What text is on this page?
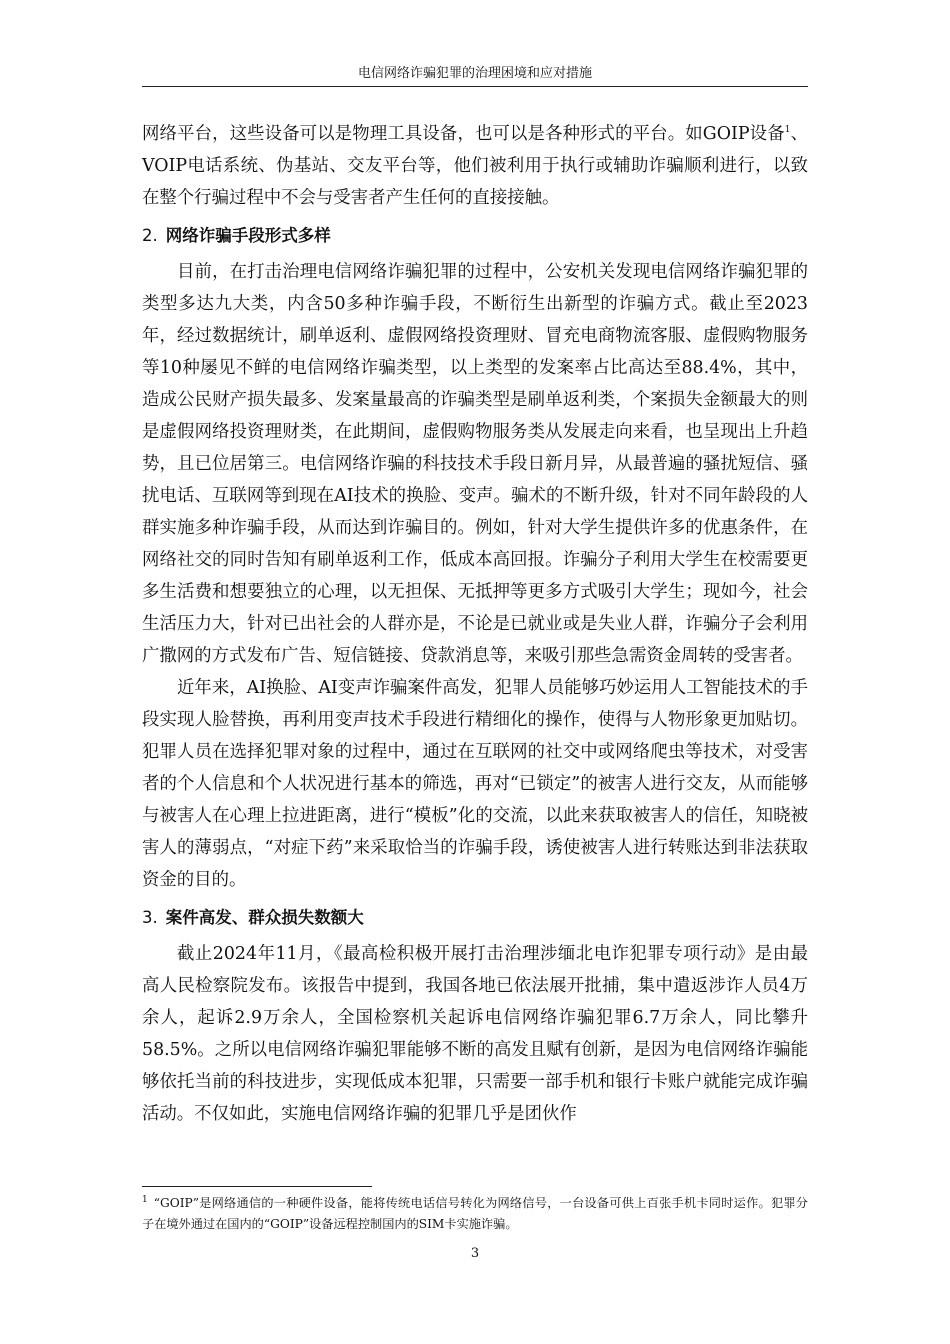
电信网络诈骗犯罪的治理困境和应对措施

网络平台，这些设备可以是物理工具设备，也可以是各种形式的平台。如GOIP设备$^1$、VOIP电话系统、伪基站、交友平台等，他们被利用于执行或辅助诈骗顺利进行，以致在整个行骗过程中不会与受害者产生任何的直接接触。

2. 网络诈骗手段形式多样

目前，在打击治理电信网络诈骗犯罪的过程中，公安机关发现电信网络诈骗犯罪的类型多达九大类，内含50多种诈骗手段，不断衍生出新型的诈骗方式。截止至2023年，经过数据统计，刷单返利、虚假网络投资理财、冒充电商物流客服、虚假购物服务等10种屡见不鲜的电信网络诈骗类型，以上类型的发案率占比高达至88.4%，其中，造成公民财产损失最多、发案量最高的诈骗类型是刷单返利类，个案损失金额最大的则是虚假网络投资理财类，在此期间，虚假购物服务类从发展走向来看，也呈现出上升趋势，且已位居第三。电信网络诈骗的科技技术手段日新月异，从最普遍的骚扰短信、骚扰电话、互联网等到现在AI技术的换脸、变声。骗术的不断升级，针对不同年龄段的人群实施多种诈骗手段，从而达到诈骗目的。例如，针对大学生提供许多的优惠条件，在网络社交的同时告知有刷单返利工作，低成本高回报。诈骗分子利用大学生在校需要更多生活费和想要独立的心理，以无担保、无抵押等更多方式吸引大学生；现如今，社会生活压力大，针对已出社会的人群亦是，不论是已就业或是失业人群，诈骗分子会利用广撒网的方式发布广告、短信链接、贷款消息等，来吸引那些急需资金周转的受害者。

近年来，AI换脸、AI变声诈骗案件高发，犯罪人员能够巧妙运用人工智能技术的手段实现人脸替换，再利用变声技术手段进行精细化的操作，使得与人物形象更加贴切。犯罪人员在选择犯罪对象的过程中，通过在互联网的社交中或网络爬虫等技术，对受害者的个人信息和个人状况进行基本的筛选，再对“已锁定”的被害人进行交友，从而能够与被害人在心理上拉进距离，进行“模板”化的交流，以此来获取被害人的信任，知晓被害人的薄弱点，“对症下药”来采取恰当的诈骗手段，诱使被害人进行转账达到非法获取资金的目的。

3. 案件高发、群众损失数额大

截止2024年11月，《最高检积极开展打击治理涉缅北电诈犯罪专项行动》是由最高人民检察院发布。该报告中提到，我国各地已依法展开批捕，集中遣返涉诈人员4万余人，起诉2.9万余人，全国检察机关起诉电信网络诈骗犯罪6.7万余人，同比攀升58.5%。之所以电信网络诈骗犯罪能够不断的高发且赋有创新，是因为电信网络诈骗能够依托当前的科技进步，实现低成本犯罪，只需要一部手机和银行卡账户就能完成诈骗活动。不仅如此，实施电信网络诈骗的犯罪几乎是团伙作

$^1$ “GOIP”是网络通信的一种硬件设备，能将传统电话信号转化为网络信号，一台设备可供上百张手机卡同时运作。犯罪分子在境外通过在国内的“GOIP”设备远程控制国内的SIM卡实施诈骗。

3
